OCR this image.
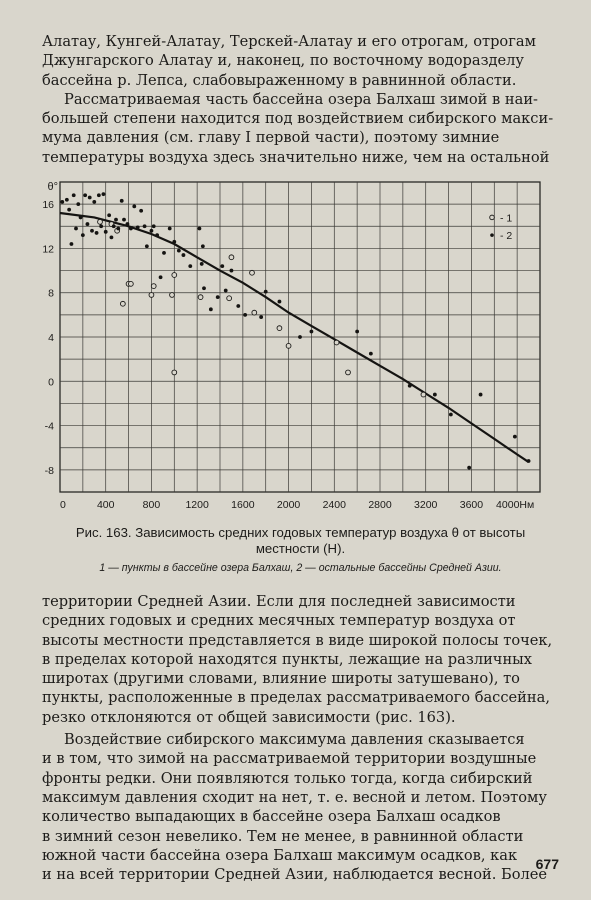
Алатау, Кунгей-Алатау, Терскей-Алатау и его отрогам, отрогам
Джунгарского Алатау и, наконец, по восточному водоразделу
бассейна р. Лепса, слабовыраженному в равнинной области.
Рассматриваемая часть бассейна озера Балхаш зимой в наи-
большей степени находится под воздействием сибирского макси-
мума давления (см. главу I первой части), поэтому зимние
температуры воздуха здесь значительно ниже, чем на остальной
θ°
16
12
8
4
0
-4
-8
0	400	800 1200 1600 2000 2400 2800 3200 3600 4000Hм
- 1
- 2

Рис. 163. Зависимость средних годовых температур воздуха θ от высоты
местности (H).

1 — пункты в бассейне озера Балхаш, 2 — остальные бассейны Средней Азии.

территории Средней Азии. Если для последней зависимости
средних годовых и средних месячных температур воздуха от
высоты местности представляется в виде широкой полосы точек,
в пределах которой находятся пункты, лежащие на различных
широтах (другими словами, влияние широты затушевано), то
пункты, расположенные в пределах рассматриваемого бассейна,
резко отклоняются от общей зависимости (рис. 163).
Воздействие сибирского максимума давления сказывается
и в том, что зимой на рассматриваемой территории воздушные
фронты редки. Они появляются только тогда, когда сибирский
максимум давления сходит на нет, т. е. весной и летом. Поэтому
количество выпадающих в бассейне озера Балхаш осадков
в зимний сезон невелико. Тем не менее, в равнинной области
южной части бассейна озера Балхаш максимум осадков, как
и на всей территории Средней Азии, наблюдается весной. Более
677
